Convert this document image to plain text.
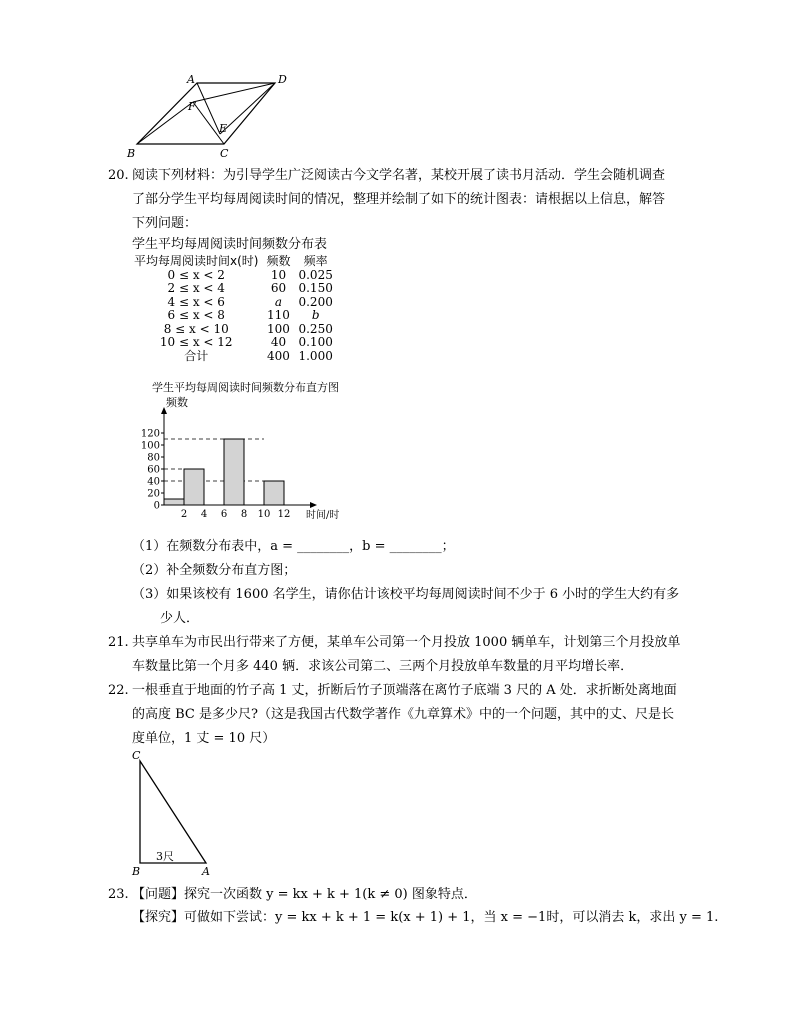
A	D
F
E
B	C
20. 阅读下列材料：为引导学生广泛阅读古今文学名著，某校开展了读书月活动．学生会随机调查
了部分学生平均每周阅读时间的情况，整理并绘制了如下的统计图表：请根据以上信息，解答
下列问题：
学生平均每周阅读时间频数分布表
平均每周阅读时间x(时)	频数	频率
0 ≤ x < 2	10	0.025
2 ≤ x < 4	60	0.150
4 ≤ x < 6	a	0.200
6 ≤ x < 8	110	b
8 ≤ x < 10	100	0.250
10 ≤ x < 12	40	0.100
合计	400	1.000
学生平均每周阅读时间频数分布直方图
频数
时间/时
0
20
40
60
80
100
120
2 4 6 8 10 12
（1）在频数分布表中，a = ________，b = ________；
（2）补全频数分布直方图；
（3）如果该校有 1600 名学生，请你估计该校平均每周阅读时间不少于 6 小时的学生大约有多
少人．
21. 共享单车为市民出行带来了方便，某单车公司第一个月投放 1000 辆单车，计划第三个月投放单
车数量比第一个月多 440 辆．求该公司第二、三两个月投放单车数量的月平均增长率．
22. 一根垂直于地面的竹子高 1 丈，折断后竹子顶端落在离竹子底端 3 尺的 A 处．求折断处离地面
的高度 BC 是多少尺?（这是我国古代数学著作《九章算术》中的一个问题，其中的丈、尺是长
度单位，1 丈 = 10 尺）
C
B	A
3尺
23. 【问题】探究一次函数 y = kx + k + 1(k ≠ 0) 图象特点．
【探究】可做如下尝试：y = kx + k + 1 = k(x + 1) + 1，当 x = −1时，可以消去 k，求出 y = 1.
